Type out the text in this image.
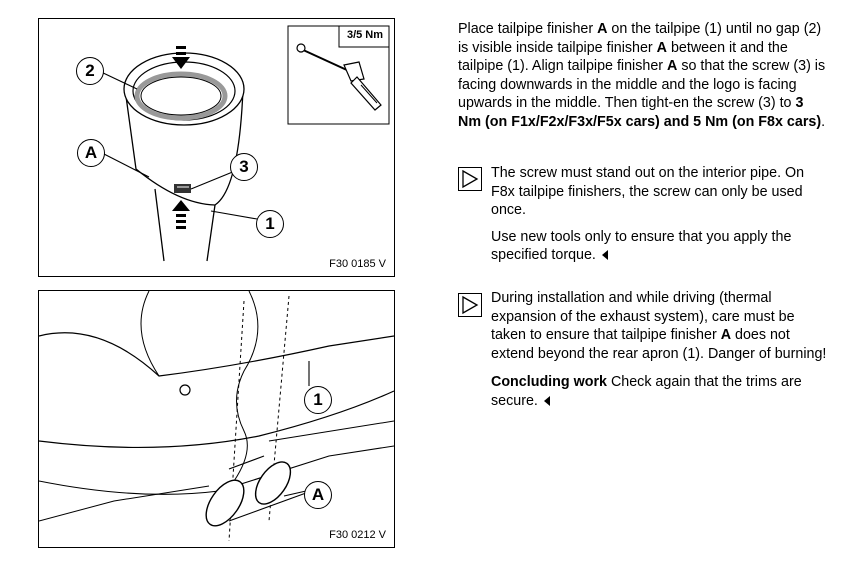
3/5 Nm
2
A
3
1
F30 0185 V
1
A
F30 0212 V

Place tailpipe finisher A on the tailpipe (1) until no gap (2) is visible inside tailpipe finisher A between it and the tailpipe (1). Align tailpipe finisher A so that the screw (3) is facing downwards in the middle and the logo is facing upwards in the middle. Then tight-en the screw (3) to 3 Nm (on F1x/F2x/F3x/F5x cars) and 5 Nm (on F8x cars).

The screw must stand out on the interior pipe. On F8x tailpipe finishers, the screw can only be used once.

Use new tools only to ensure that you apply the specified torque.

During installation and while driving (thermal expansion of the exhaust system), care must be taken to ensure that tailpipe finisher A does not extend beyond the rear apron (1). Danger of burning!

Concluding work Check again that the trims are secure.
